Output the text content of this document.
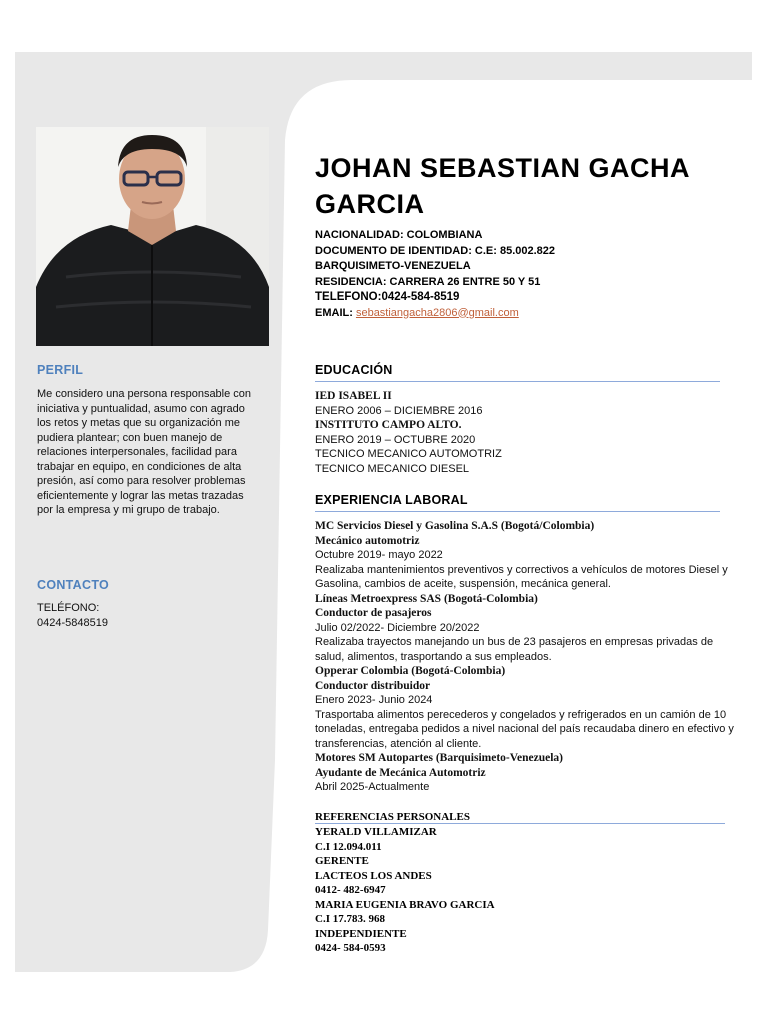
PERFIL

Me considero una persona responsable con iniciativa y puntualidad, asumo con agrado los retos y metas que su organización me pudiera plantear; con buen manejo de relaciones interpersonales, facilidad para trabajar en equipo, en condiciones de alta presión, así como para resolver problemas eficientemente y lograr las metas trazadas por la empresa y mi grupo de trabajo.

CONTACTO
TELÉFONO:
0424-5848519
JOHAN SEBASTIAN GACHA GARCIA
NACIONALIDAD: COLOMBIANA
DOCUMENTO DE IDENTIDAD: C.E: 85.002.822
BARQUISIMETO-VENEZUELA
RESIDENCIA: CARRERA 26 ENTRE 50 Y 51
TELEFONO:0424-584-8519
EMAIL: sebastiangacha2806@gmail.com
EDUCACIÓN
IED ISABEL II
ENERO 2006 – DICIEMBRE 2016
INSTITUTO CAMPO ALTO.
ENERO 2019 – OCTUBRE 2020
TECNICO MECANICO AUTOMOTRIZ
TECNICO MECANICO DIESEL
EXPERIENCIA LABORAL
MC Servicios Diesel y Gasolina S.A.S (Bogotá/Colombia)
Mecánico automotriz
Octubre 2019- mayo 2022
Realizaba mantenimientos preventivos y correctivos a vehículos de motores Diesel y Gasolina, cambios de aceite, suspensión, mecánica general.
Líneas Metroexpress SAS (Bogotá-Colombia)
Conductor de pasajeros
Julio 02/2022- Diciembre 20/2022
Realizaba trayectos manejando un bus de 23 pasajeros en empresas privadas de salud, alimentos, trasportando a sus empleados.
Opperar Colombia (Bogotá-Colombia)
Conductor distribuidor
Enero 2023- Junio 2024
Trasportaba alimentos perecederos y congelados y refrigerados en un camión de 10 toneladas, entregaba pedidos a nivel nacional del país recaudaba dinero en efectivo y transferencias, atención al cliente.
Motores SM Autopartes (Barquisimeto-Venezuela)
Ayudante de Mecánica Automotriz
Abril 2025-Actualmente
REFERENCIAS PERSONALES
YERALD VILLAMIZAR
C.I 12.094.011
GERENTE
LACTEOS LOS ANDES
0412- 482-6947
MARIA EUGENIA BRAVO GARCIA
C.I 17.783. 968
INDEPENDIENTE
0424- 584-0593
